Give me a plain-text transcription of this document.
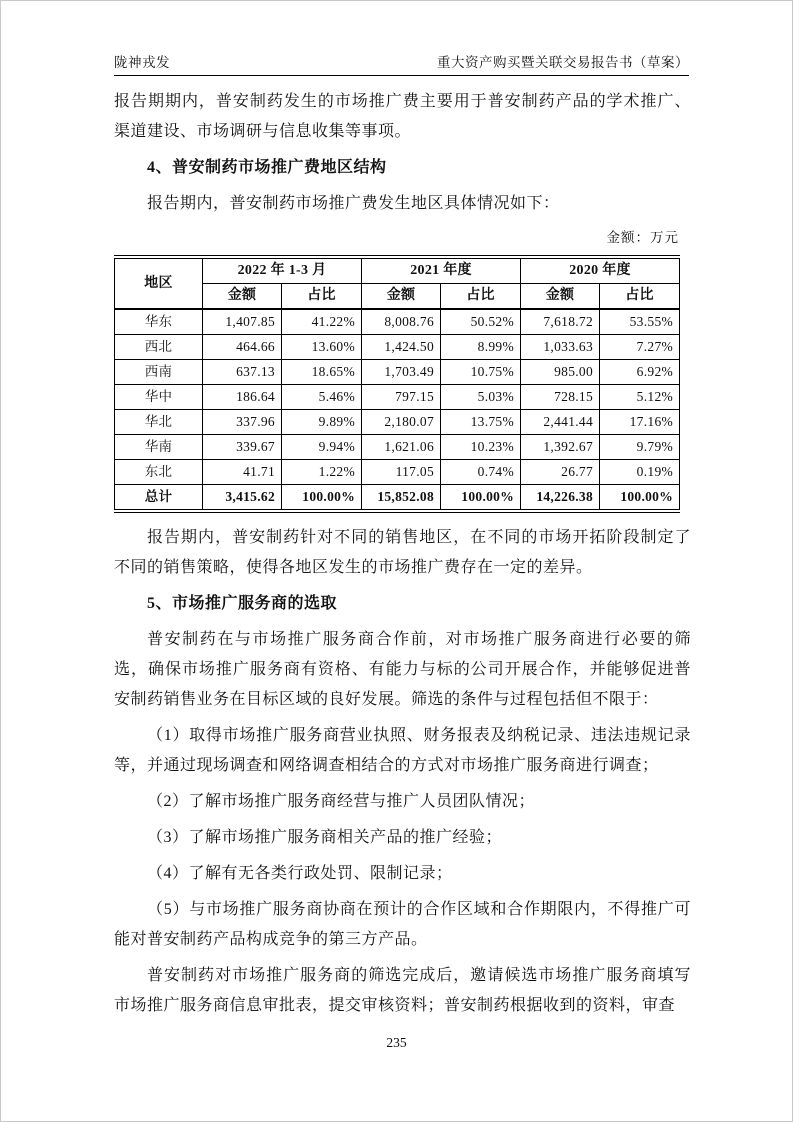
陇神戎发	重大资产购买暨关联交易报告书（草案）

报告期期内，普安制药发生的市场推广费主要用于普安制药产品的学术推广、渠道建设、市场调研与信息收集等事项。

4、普安制药市场推广费地区结构

报告期内，普安制药市场推广费发生地区具体情况如下：

金额：万元
地区	2022 年 1-3 月		2021 年度		2020 年度	
	金额	占比	金额	占比	金额	占比
华东	1,407.85	41.22%	8,008.76	50.52%	7,618.72	53.55%
西北	464.66	13.60%	1,424.50	8.99%	1,033.63	7.27%
西南	637.13	18.65%	1,703.49	10.75%	985.00	6.92%
华中	186.64	5.46%	797.15	5.03%	728.15	5.12%
华北	337.96	9.89%	2,180.07	13.75%	2,441.44	17.16%
华南	339.67	9.94%	1,621.06	10.23%	1,392.67	9.79%
东北	41.71	1.22%	117.05	0.74%	26.77	0.19%
总计	3,415.62	100.00%	15,852.08	100.00%	14,226.38	100.00%

报告期内，普安制药针对不同的销售地区，在不同的市场开拓阶段制定了不同的销售策略，使得各地区发生的市场推广费存在一定的差异。

5、市场推广服务商的选取

普安制药在与市场推广服务商合作前，对市场推广服务商进行必要的筛选，确保市场推广服务商有资格、有能力与标的公司开展合作，并能够促进普安制药销售业务在目标区域的良好发展。筛选的条件与过程包括但不限于：

（1）取得市场推广服务商营业执照、财务报表及纳税记录、违法违规记录等，并通过现场调查和网络调查相结合的方式对市场推广服务商进行调查；

（2）了解市场推广服务商经营与推广人员团队情况；

（3）了解市场推广服务商相关产品的推广经验；

（4）了解有无各类行政处罚、限制记录；

（5）与市场推广服务商协商在预计的合作区域和合作期限内，不得推广可能对普安制药产品构成竞争的第三方产品。

普安制药对市场推广服务商的筛选完成后，邀请候选市场推广服务商填写市场推广服务商信息审批表，提交审核资料；普安制药根据收到的资料，审查

235
